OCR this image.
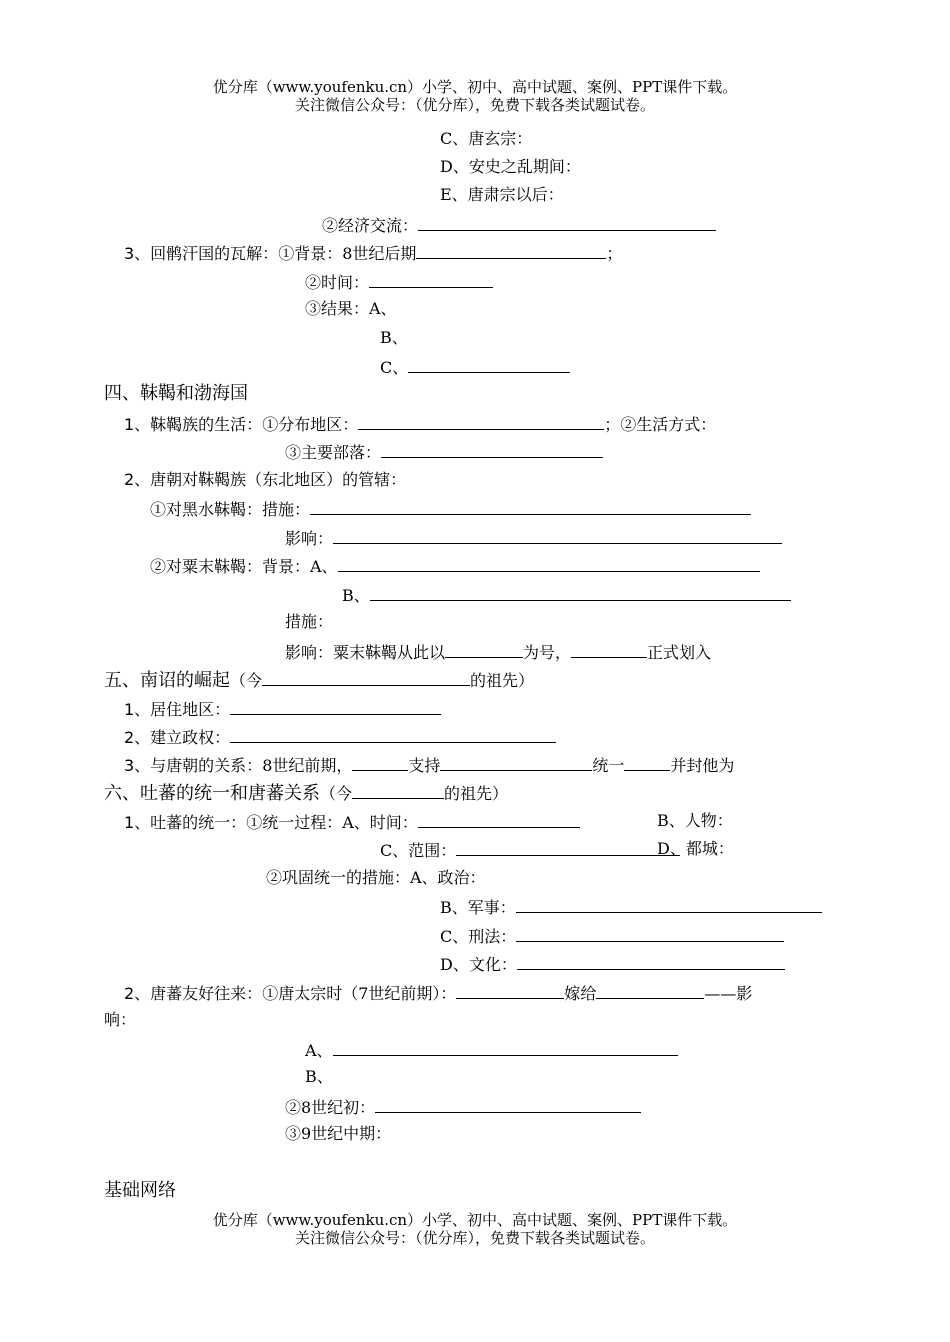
优分库（www.youfenku.cn）小学、初中、高中试题、案例、PPT课件下载。
关注微信公众号：（优分库），免费下载各类试题试卷。
C、唐玄宗：
D、安史之乱期间：
E、唐肃宗以后：
②经济交流：
3、回鹘汗国的瓦解：①背景：8世纪后期	；
②时间：
③结果：A、
B、
C、
四、靺鞨和渤海国
1、靺鞨族的生活：①分布地区：	；②生活方式：
③主要部落：
2、唐朝对靺鞨族（东北地区）的管辖：
①对黑水靺鞨：措施：
影响：
②对粟末靺鞨：背景：A、
B、
措施：
影响：粟末靺鞨从此以	为号，	正式划入
五、南诏的崛起（今	的祖先）
1、居住地区：
2、建立政权：
3、与唐朝的关系：8世纪前期，	支持	统一	并封他为
六、吐蕃的统一和唐蕃关系（今	的祖先）
1、吐蕃的统一：①统一过程：A、时间：	B、人物：
C、范围：	D、都城：
②巩固统一的措施：A、政治：
B、军事：
C、刑法：
D、文化：
2、唐蕃友好往来：①唐太宗时（7世纪前期）：	嫁给	——影
响：
A、
B、
②8世纪初：
③9世纪中期：
基础网络
优分库（www.youfenku.cn）小学、初中、高中试题、案例、PPT课件下载。
关注微信公众号：（优分库），免费下载各类试题试卷。
